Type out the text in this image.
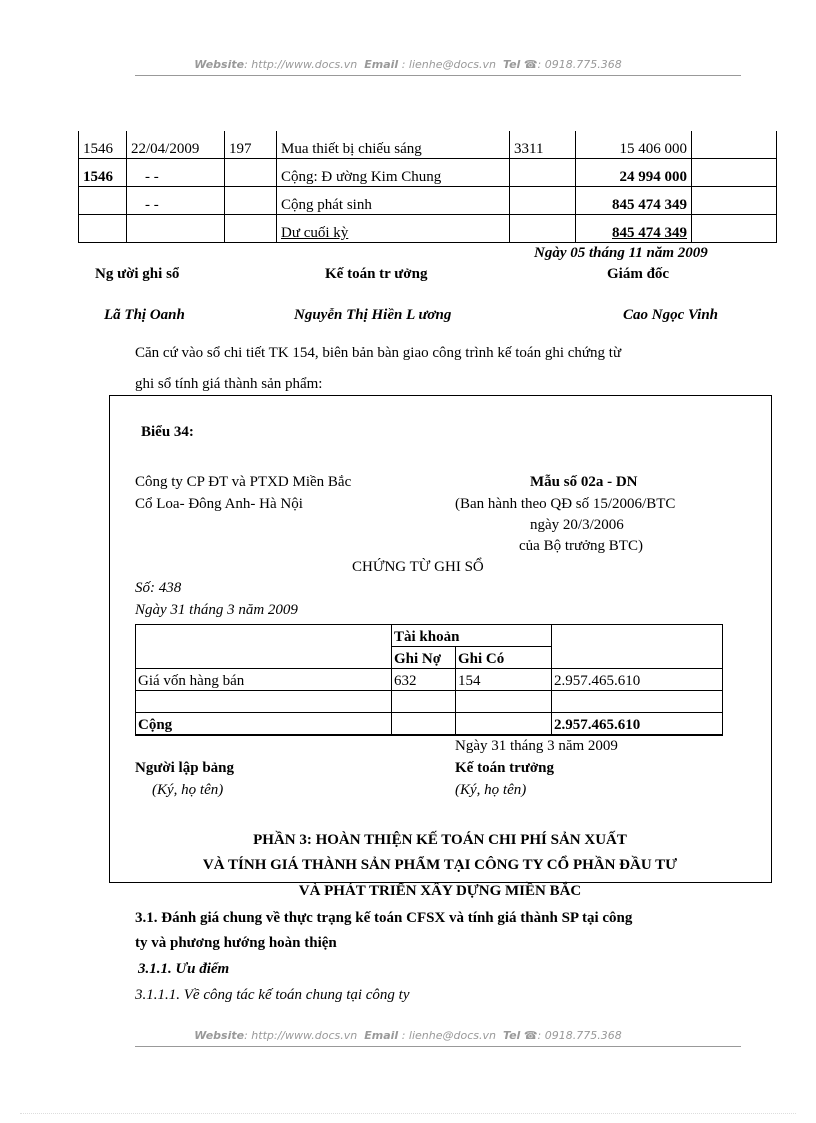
Website: http://www.docs.vn Email : lienhe@docs.vn Tel ☎: 0918.775.368
1546	22/04/2009	197	Mua thiết bị chiếu sáng	3311	15 406 000	
1546	- -		Cộng: Đ ường Kim Chung		24 994 000	
	- -		Cộng phát sinh		845 474 349	
			Dư cuối kỳ		845 474 349	
Ngày 05 tháng 11 năm 2009
Ng ười ghi sổ	Kế toán tr ưởng	Giám đốc
Lã Thị Oanh	Nguyễn Thị Hiền L ương	Cao Ngọc Vinh
Căn cứ vào sổ chi tiết TK 154, biên bản bàn giao công trình kế toán ghi chứng từ
ghi sổ tính giá thành sản phẩm:
Biểu 34:
Công ty CP ĐT và PTXD Miền Bắc
Cổ Loa- Đông Anh- Hà Nội
Mẫu số 02a - DN
(Ban hành theo QĐ số 15/2006/BTC
ngày 20/3/2006
của Bộ trưởng BTC)
CHỨNG TỪ GHI SỔ
Số: 438
Ngày 31 tháng 3 năm 2009
	Tài khoản		
	Ghi Nợ	Ghi Có	
Giá vốn hàng bán	632	154	2.957.465.610

Cộng			2.957.465.610
Ngày 31 tháng 3 năm 2009
Người lập bảng	Kế toán trưởng
(Ký, họ tên)	(Ký, họ tên)
PHẦN 3: HOÀN THIỆN KẾ TOÁN CHI PHÍ SẢN XUẤT
VÀ TÍNH GIÁ THÀNH SẢN PHẨM TẠI CÔNG TY CỔ PHẦN ĐẦU TƯ
VÀ PHÁT TRIỂN XÂY DỰNG MIỀN BẮC
3.1. Đánh giá chung về thực trạng kế toán CFSX và tính giá thành SP tại công
ty và phương hướng hoàn thiện
3.1.1. Ưu điểm
3.1.1.1. Về công tác kế toán chung tại công ty
Website: http://www.docs.vn Email : lienhe@docs.vn Tel ☎: 0918.775.368
